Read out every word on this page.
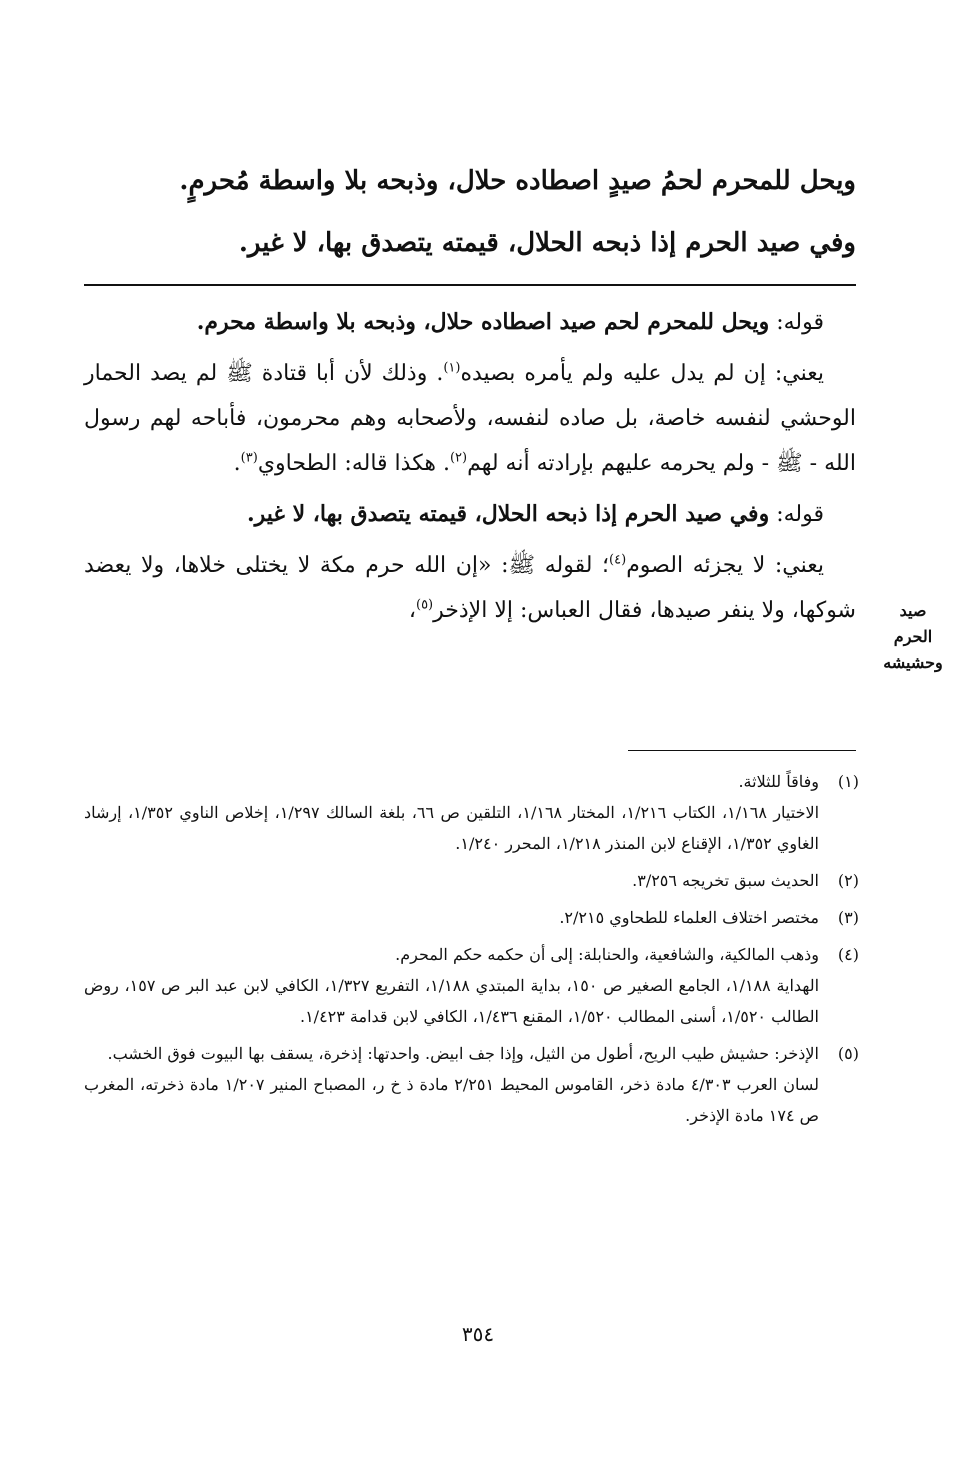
ويحل للمحرم لحمُ صيدٍ اصطاده حلال، وذبحه بلا واسطة مُحرمٍ.

وفي صيد الحرم إذا ذبحه الحلال، قيمته يتصدق بها، لا غير.

قوله: ويحل للمحرم لحم صيد اصطاده حلال، وذبحه بلا واسطة محرم.

يعني: إن لم يدل عليه ولم يأمره بصيده$^{(١)}$. وذلك لأن أبا قتادة ﷺ لم يصد الحمار الوحشي لنفسه خاصة، بل صاده لنفسه، ولأصحابه وهم محرمون، فأباحه لهم رسول الله - ﷺ - ولم يحرمه عليهم بإرادته أنه لهم$^{(٢)}$. هكذا قاله: الطحاوي$^{(٣)}$.

قوله: وفي صيد الحرم إذا ذبحه الحلال، قيمته يتصدق بها، لا غير.

يعني: لا يجزئه الصوم$^{(٤)}$؛ لقوله ﷺ: «إن الله حرم مكة لا يختلى خلاها، ولا يعضد شوكها، ولا ينفر صيدها، فقال العباس: إلا الإذخر$^{(٥)}$،	صيد
الحرم
وحشيشه
(١)
وفاقاً للثلاثة.
الاختيار ١/١٦٨، الكتاب ١/٢١٦، المختار ١/١٦٨، التلقين ص ٦٦، بلغة السالك ١/٢٩٧، إخلاص الناوي ١/٣٥٢، إرشاد الغاوي ١/٣٥٢، الإقناع لابن المنذر ١/٢١٨، المحرر ١/٢٤٠.
(٢)
الحديث سبق تخريجه ٣/٢٥٦.
(٣)
مختصر اختلاف العلماء للطحاوي ٢/٢١٥.
(٤)
وذهب المالكية، والشافعية، والحنابلة: إلى أن حكمه حكم المحرم.
الهداية ١/١٨٨، الجامع الصغير ص ١٥٠، بداية المبتدي ١/١٨٨، التفريع ١/٣٢٧، الكافي لابن عبد البر ص ١٥٧، روض الطالب ١/٥٢٠، أسنى المطالب ١/٥٢٠، المقنع ١/٤٣٦، الكافي لابن قدامة ١/٤٢٣.
(٥)
الإذخر: حشيش طيب الريح، أطول من الثيل، وإذا جف ابيض. واحدتها: إذخرة، يسقف بها البيوت فوق الخشب.
لسان العرب ٤/٣٠٣ مادة ذخر، القاموس المحيط ٢/٢٥١ مادة ذ خ ر، المصباح المنير ١/٢٠٧ مادة ذخرته، المغرب ص ١٧٤ مادة الإذخر.
٣٥٤
